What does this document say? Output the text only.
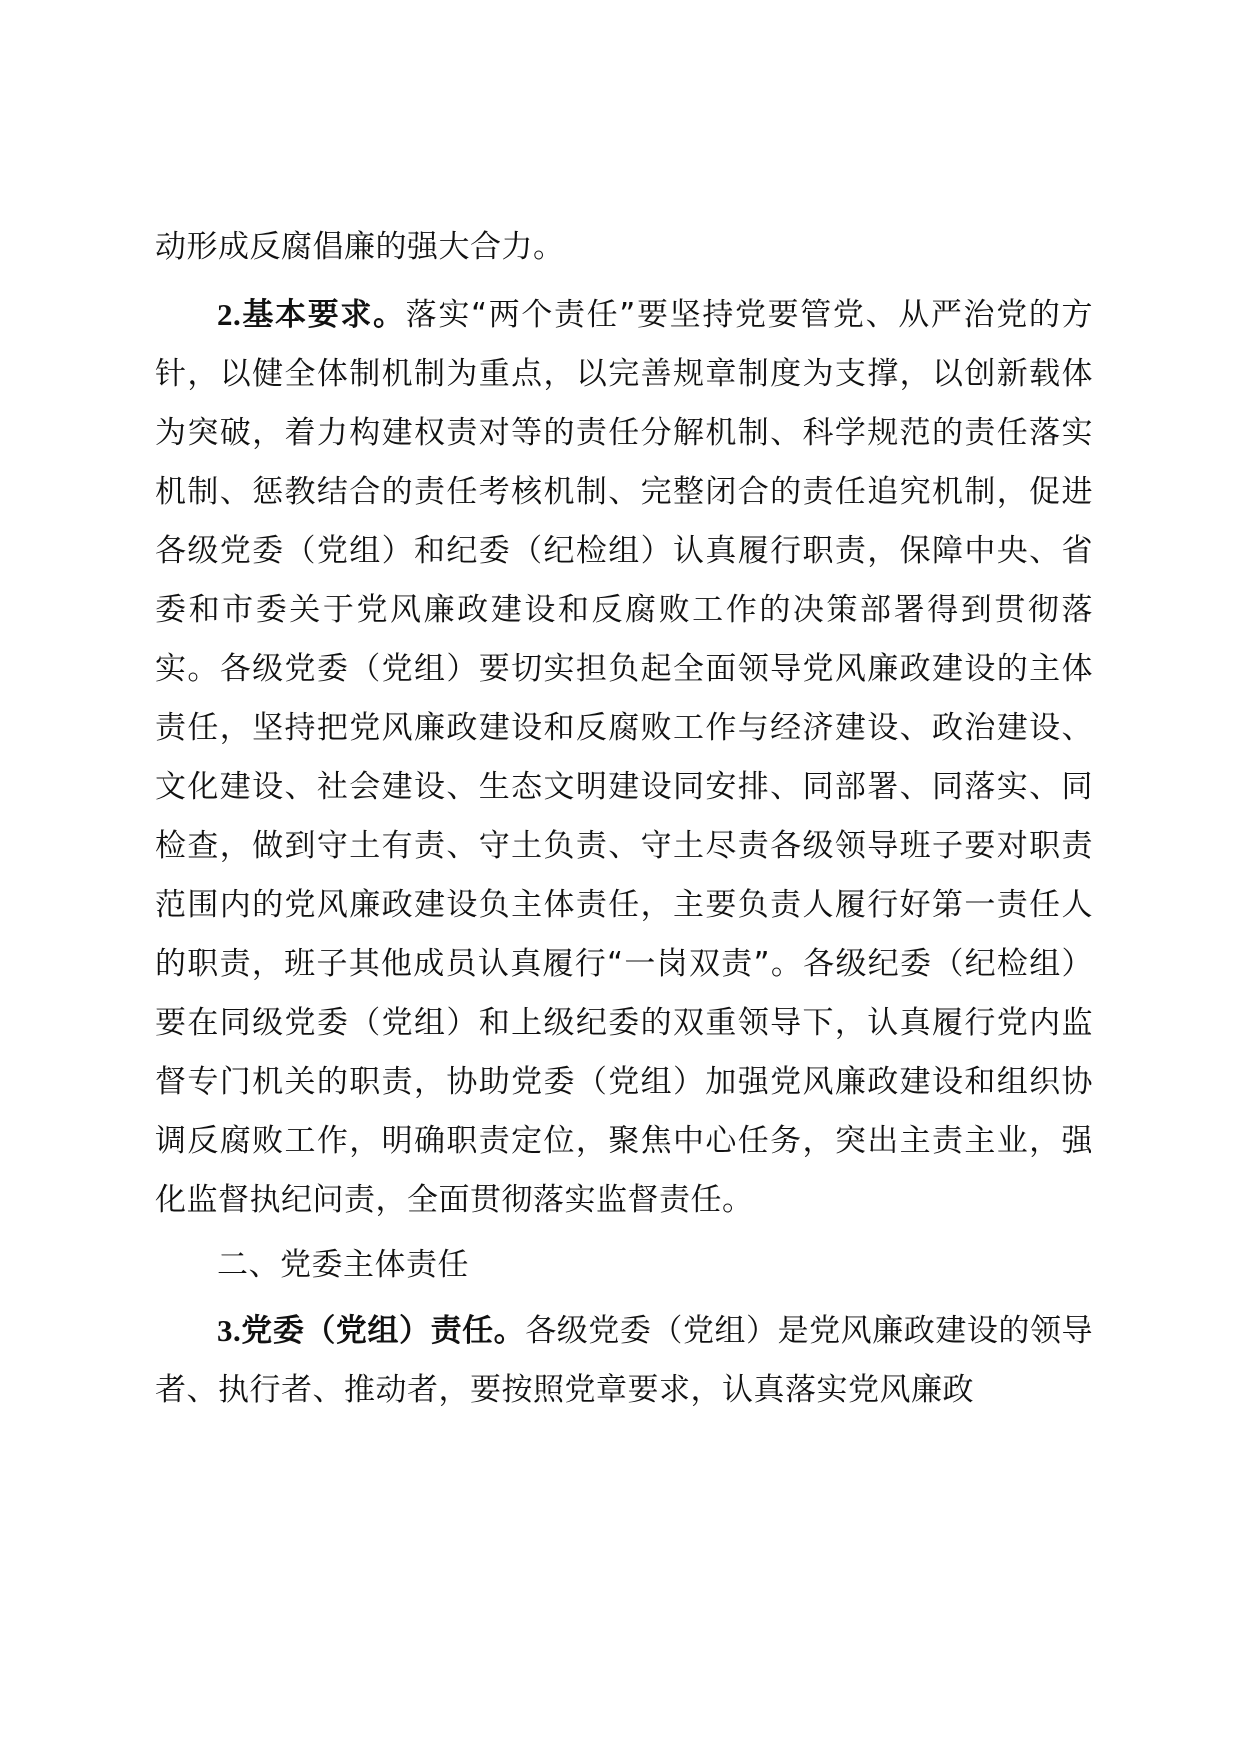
动形成反腐倡廉的强大合力。

2.基本要求。落实“两个责任”要坚持党要管党、从严治党的方针，以健全体制机制为重点，以完善规章制度为支撑，以创新载体为突破，着力构建权责对等的责任分解机制、科学规范的责任落实机制、惩教结合的责任考核机制、完整闭合的责任追究机制，促进各级党委（党组）和纪委（纪检组）认真履行职责，保障中央、省委和市委关于党风廉政建设和反腐败工作的决策部署得到贯彻落实。各级党委（党组）要切实担负起全面领导党风廉政建设的主体责任，坚持把党风廉政建设和反腐败工作与经济建设、政治建设、文化建设、社会建设、生态文明建设同安排、同部署、同落实、同检查，做到守土有责、守土负责、守土尽责各级领导班子要对职责范围内的党风廉政建设负主体责任，主要负责人履行好第一责任人的职责，班子其他成员认真履行“一岗双责”。各级纪委（纪检组）要在同级党委（党组）和上级纪委的双重领导下，认真履行党内监督专门机关的职责，协助党委（党组）加强党风廉政建设和组织协调反腐败工作，明确职责定位，聚焦中心任务，突出主责主业，强化监督执纪问责，全面贯彻落实监督责任。

二、党委主体责任

3.党委（党组）责任。各级党委（党组）是党风廉政建设的领导者、执行者、推动者，要按照党章要求，认真落实党风廉政
